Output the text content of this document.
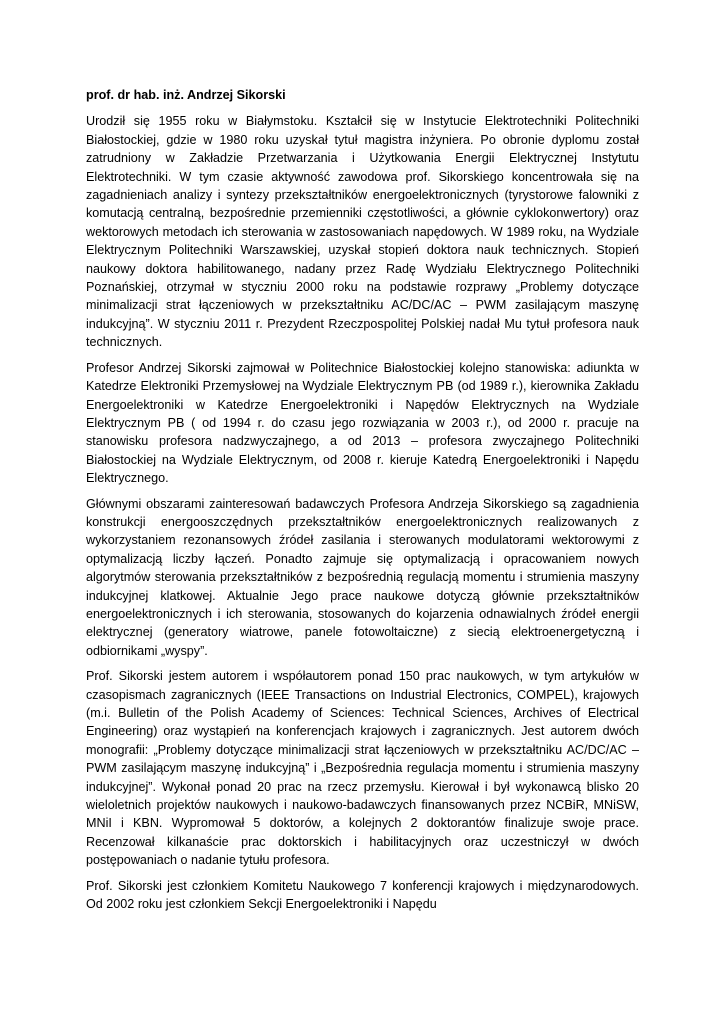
prof. dr hab. inż. Andrzej Sikorski

Urodził się 1955 roku w Białymstoku. Kształcił się w Instytucie Elektrotechniki Politechniki Białostockiej, gdzie w 1980 roku uzyskał tytuł magistra inżyniera. Po obronie dyplomu został zatrudniony w Zakładzie Przetwarzania i Użytkowania Energii Elektrycznej Instytutu Elektrotechniki. W tym czasie aktywność zawodowa prof. Sikorskiego koncentrowała się na zagadnieniach analizy i syntezy przekształtników energoelektronicznych (tyrystorowe falowniki z komutacją centralną, bezpośrednie przemienniki częstotliwości, a głównie cyklokonwertory) oraz wektorowych metodach ich sterowania w zastosowaniach napędowych. W 1989 roku, na Wydziale Elektrycznym Politechniki Warszawskiej, uzyskał stopień doktora nauk technicznych. Stopień naukowy doktora habilitowanego, nadany przez Radę Wydziału Elektrycznego Politechniki Poznańskiej, otrzymał w styczniu 2000 roku na podstawie rozprawy „Problemy dotyczące minimalizacji strat łączeniowych w przekształtniku AC/DC/AC – PWM zasilającym maszynę indukcyjną”. W styczniu 2011 r. Prezydent Rzeczpospolitej Polskiej nadał Mu tytuł profesora nauk technicznych.

Profesor Andrzej Sikorski zajmował w Politechnice Białostockiej kolejno stanowiska: adiunkta w Katedrze Elektroniki Przemysłowej na Wydziale Elektrycznym PB (od 1989 r.), kierownika Zakładu Energoelektroniki w Katedrze Energoelektroniki i Napędów Elektrycznych na Wydziale Elektrycznym PB ( od 1994 r. do czasu jego rozwiązania w 2003 r.), od 2000 r. pracuje na stanowisku profesora nadzwyczajnego, a od 2013 – profesora zwyczajnego Politechniki Białostockiej na Wydziale Elektrycznym, od 2008 r. kieruje Katedrą Energoelektroniki i Napędu Elektrycznego.

Głównymi obszarami zainteresowań badawczych Profesora Andrzeja Sikorskiego są zagadnienia konstrukcji energooszczędnych przekształtników energoelektronicznych realizowanych z wykorzystaniem rezonansowych źródeł zasilania i sterowanych modulatorami wektorowymi z optymalizacją liczby łączeń. Ponadto zajmuje się optymalizacją i opracowaniem nowych algorytmów sterowania przekształtników z bezpośrednią regulacją momentu i strumienia maszyny indukcyjnej klatkowej. Aktualnie Jego prace naukowe dotyczą głównie przekształtników energoelektronicznych i ich sterowania, stosowanych do kojarzenia odnawialnych źródeł energii elektrycznej (generatory wiatrowe, panele fotowoltaiczne) z siecią elektroenergetyczną i odbiornikami „wyspy”.

Prof. Sikorski jestem autorem i współautorem ponad 150 prac naukowych, w tym artykułów w czasopismach zagranicznych (IEEE Transactions on Industrial Electronics, COMPEL), krajowych (m.i. Bulletin of the Polish Academy of Sciences: Technical Sciences, Archives of Electrical Engineering) oraz wystąpień na konferencjach krajowych i zagranicznych. Jest autorem dwóch monografii: „Problemy dotyczące minimalizacji strat łączeniowych w przekształtniku AC/DC/AC – PWM zasilającym maszynę indukcyjną” i „Bezpośrednia regulacja momentu i strumienia maszyny indukcyjnej”. Wykonał ponad 20 prac na rzecz przemysłu. Kierował i był wykonawcą blisko 20 wieloletnich projektów naukowych i naukowo-badawczych finansowanych przez NCBiR, MNiSW, MNiI i KBN. Wypromował 5 doktorów, a kolejnych 2 doktorantów finalizuje swoje prace. Recenzował kilkanaście prac doktorskich i habilitacyjnych oraz uczestniczył w dwóch postępowaniach o nadanie tytułu profesora.

Prof. Sikorski jest członkiem Komitetu Naukowego 7 konferencji krajowych i międzynarodowych. Od 2002 roku jest członkiem Sekcji Energoelektroniki i Napędu
